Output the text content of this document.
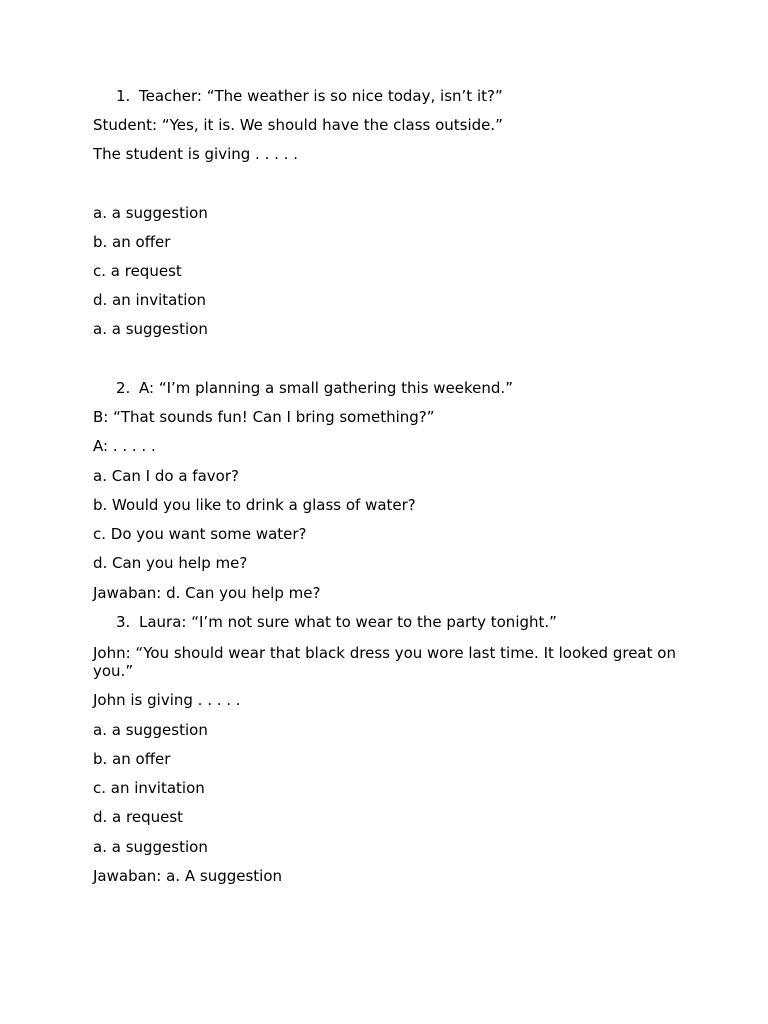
1. Teacher: “The weather is so nice today, isn’t it?”
Student: “Yes, it is. We should have the class outside.”
The student is giving . . . . .
a. a suggestion
b. an offer
c. a request
d. an invitation
a. a suggestion
2. A: “I’m planning a small gathering this weekend.”
B: “That sounds fun! Can I bring something?”
A: . . . . .
a. Can I do a favor?
b. Would you like to drink a glass of water?
c. Do you want some water?
d. Can you help me?
Jawaban: d. Can you help me?
3. Laura: “I’m not sure what to wear to the party tonight.”
John: “You should wear that black dress you wore last time. It looked great on you.”
John is giving . . . . .
a. a suggestion
b. an offer
c. an invitation
d. a request
a. a suggestion
Jawaban: a. A suggestion
